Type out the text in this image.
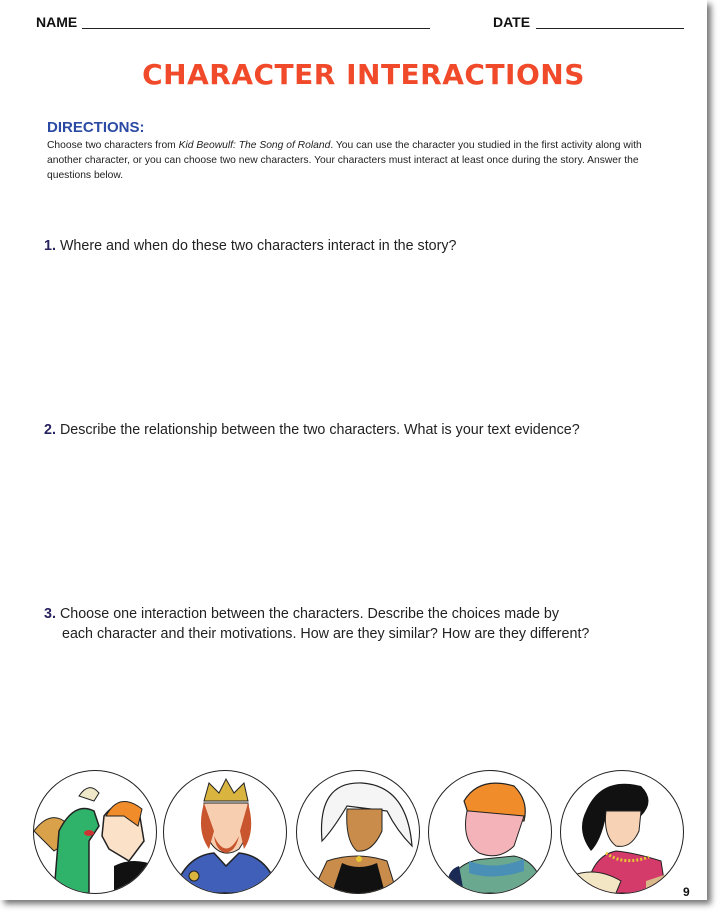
NAME	DATE
CHARACTER INTERACTIONS
DIRECTIONS:
Choose two characters from Kid Beowulf: The Song of Roland. You can use the character you studied in the first activity along with another character, or you can choose two new characters. Your characters must interact at least once during the story. Answer the questions below.
1. Where and when do these two characters interact in the story?
2. Describe the relationship between the two characters. What is your text evidence?
3. Choose one interaction between the characters. Describe the choices made by
each character and their motivations. How are they similar? How are they different?
9
